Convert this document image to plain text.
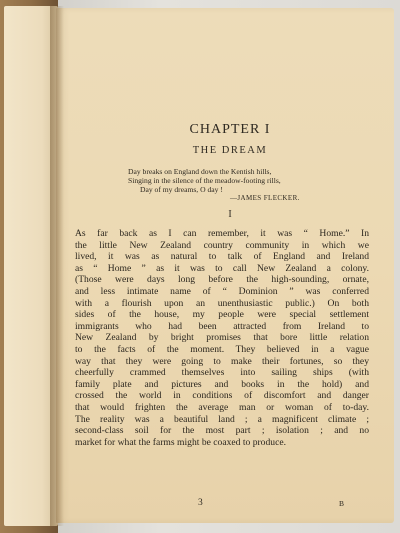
CHAPTER I
THE DREAM
Day breaks on England down the Kentish hills,
Singing in the silence of the meadow-footing rills,
Day of my dreams, O day !
—JAMES FLECKER.
I
As far back as I can remember, it was “ Home.” In
the little New Zealand country community in which we
lived, it was as natural to talk of England and Ireland
as “ Home ” as it was to call New Zealand a colony.
(Those were days long before the high-sounding, ornate,
and less intimate name of “ Dominion ” was conferred
with a flourish upon an unenthusiastic public.) On both
sides of the house, my people were special settlement
immigrants who had been attracted from Ireland to
New Zealand by bright promises that bore little relation
to the facts of the moment. They believed in a vague
way that they were going to make their fortunes, so they
cheerfully crammed themselves into sailing ships (with
family plate and pictures and books in the hold) and
crossed the world in conditions of discomfort and danger
that would frighten the average man or woman of to-day.
The reality was a beautiful land ; a magnificent climate ;
second-class soil for the most part ; isolation ; and no
market for what the farms might be coaxed to produce.
3	B
